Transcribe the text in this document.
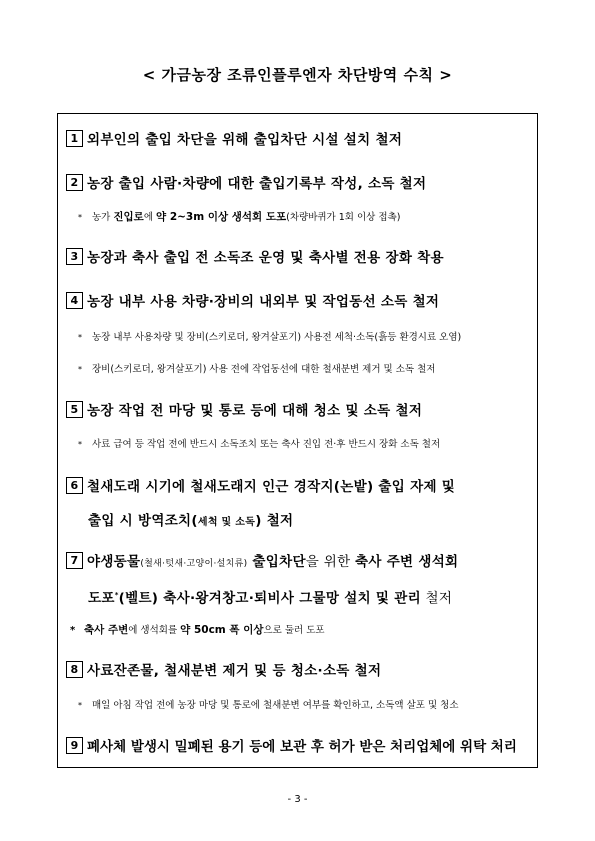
< 가금농장 조류인플루엔자 차단방역 수칙 >
1 외부인의 출입 차단을 위해 출입차단 시설 설치 철저
2 농장 출입 사람·차량에 대한 출입기록부 작성, 소독 철저
* 농가 진입로에 약 2~3m 이상 생석회 도포(차량바퀴가 1회 이상 접촉)
3 농장과 축사 출입 전 소독조 운영 및 축사별 전용 장화 착용
4 농장 내부 사용 차량·장비의 내외부 및 작업동선 소독 철저
* 농장 내부 사용차량 및 장비(스키로더, 왕겨살포기) 사용전 세척·소독(흙등 환경시료 오염)
* 장비(스키로더, 왕겨살포기) 사용 전에 작업동선에 대한 철새분변 제거 및 소독 철저
5 농장 작업 전 마당 및 통로 등에 대해 청소 및 소독 철저
* 사료 급여 등 작업 전에 반드시 소독조치 또는 축사 진입 전·후 반드시 장화 소독 철저
6 철새도래 시기에 철새도래지 인근 경작지(논밭) 출입 자제 및
출입 시 방역조치(세척 및 소독) 철저
7 야생동물(철새·텃새·고양이·설치류) 출입차단을 위한 축사 주변 생석회
도포*(벨트) 축사·왕겨창고·퇴비사 그물망 설치 및 관리 철저
* 축사 주변에 생석회를 약 50cm 폭 이상으로 둘러 도포
8 사료잔존물, 철새분변 제거 및 등 청소·소독 철저
* 매일 아침 작업 전에 농장 마당 및 통로에 철새분변 여부를 확인하고, 소독액 살포 및 청소
9 폐사체 발생시 밀폐된 용기 등에 보관 후 허가 받은 처리업체에 위탁 처리
- 3 -
